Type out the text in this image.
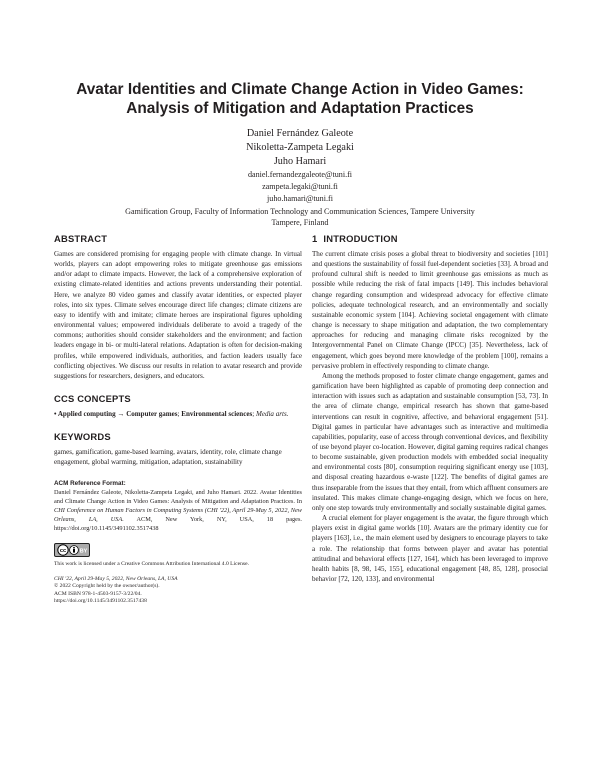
Avatar Identities and Climate Change Action in Video Games:
Analysis of Mitigation and Adaptation Practices
Daniel Fernández Galeote
Nikoletta-Zampeta Legaki
Juho Hamari
daniel.fernandezgaleote@tuni.fi
zampeta.legaki@tuni.fi
juho.hamari@tuni.fi
Gamification Group, Faculty of Information Technology and Communication Sciences, Tampere University
Tampere, Finland
ABSTRACT

Games are considered promising for engaging people with climate change. In virtual worlds, players can adopt empowering roles to mitigate greenhouse gas emissions and/or adapt to climate impacts. However, the lack of a comprehensive exploration of existing climate-related identities and actions prevents understanding their potential. Here, we analyze 80 video games and classify avatar identities, or expected player roles, into six types. Climate selves encourage direct life changes; climate citizens are easy to identify with and imitate; climate heroes are inspirational figures upholding environmental values; empowered individuals deliberate to avoid a tragedy of the commons; authorities should consider stakeholders and the environment; and faction leaders engage in bi- or multi-lateral relations. Adaptation is often for decision-making profiles, while empowered individuals, authorities, and faction leaders usually face conflicting objectives. We discuss our results in relation to avatar research and provide suggestions for researchers, designers, and educators.

CCS CONCEPTS

• Applied computing → Computer games; Environmental sciences; Media arts.

KEYWORDS

games, gamification, game-based learning, avatars, identity, role, climate change engagement, global warming, mitigation, adaptation, sustainability

ACM Reference Format:

Daniel Fernández Galeote, Nikoletta-Zampeta Legaki, and Juho Hamari. 2022. Avatar Identities and Climate Change Action in Video Games: Analysis of Mitigation and Adaptation Practices. In CHI Conference on Human Factors in Computing Systems (CHI '22), April 29-May 5, 2022, New Orleans, LA, USA. ACM, New York, NY, USA, 18 pages. https://doi.org/10.1145/3491102.3517438

cc	BY

This work is licensed under a Creative Commons Attribution International 4.0 License.

CHI '22, April 29-May 5, 2022, New Orleans, LA, USA
© 2022 Copyright held by the owner/author(s).
ACM ISBN 978-1-4503-9157-3/22/04.
https://doi.org/10.1145/3491102.3517438

1 INTRODUCTION

The current climate crisis poses a global threat to biodiversity and societies [101] and questions the sustainability of fossil fuel-dependent societies [33]. A broad and profound cultural shift is needed to limit greenhouse gas emissions as much as possible while reducing the risk of fatal impacts [149]. This includes behavioral change regarding consumption and widespread advocacy for effective climate policies, adequate technological research, and an environmentally and socially sustainable economic system [104]. Achieving societal engagement with climate change is necessary to shape mitigation and adaptation, the two complementary approaches for reducing and managing climate risks recognized by the Intergovernmental Panel on Climate Change (IPCC) [35]. Nevertheless, lack of engagement, which goes beyond mere knowledge of the problem [100], remains a pervasive problem in effectively responding to climate change.

Among the methods proposed to foster climate change engagement, games and gamification have been highlighted as capable of promoting deep connection and interaction with issues such as adaptation and sustainable consumption [53, 73]. In the area of climate change, empirical research has shown that game-based interventions can result in cognitive, affective, and behavioral engagement [51]. Digital games in particular have advantages such as interactive and multimedia capabilities, popularity, ease of access through conventional devices, and flexibility of use beyond player co-location. However, digital gaming requires radical changes to become sustainable, given production models with embedded social inequality and environmental costs [80], consumption requiring significant energy use [103], and disposal creating hazardous e-waste [122]. The benefits of digital games are thus inseparable from the issues that they entail, from which affluent consumers are insulated. This makes climate change-engaging design, which we focus on here, only one step towards truly environmentally and socially sustainable digital games.

A crucial element for player engagement is the avatar, the figure through which players exist in digital game worlds [10]. Avatars are the primary identity cue for players [163], i.e., the main element used by designers to encourage players to take a role. The relationship that forms between player and avatar has potential attitudinal and behavioral effects [127, 164], which has been leveraged to improve health habits [8, 98, 145, 155], educational engagement [48, 85, 128], prosocial behavior [72, 120, 133], and environmental
